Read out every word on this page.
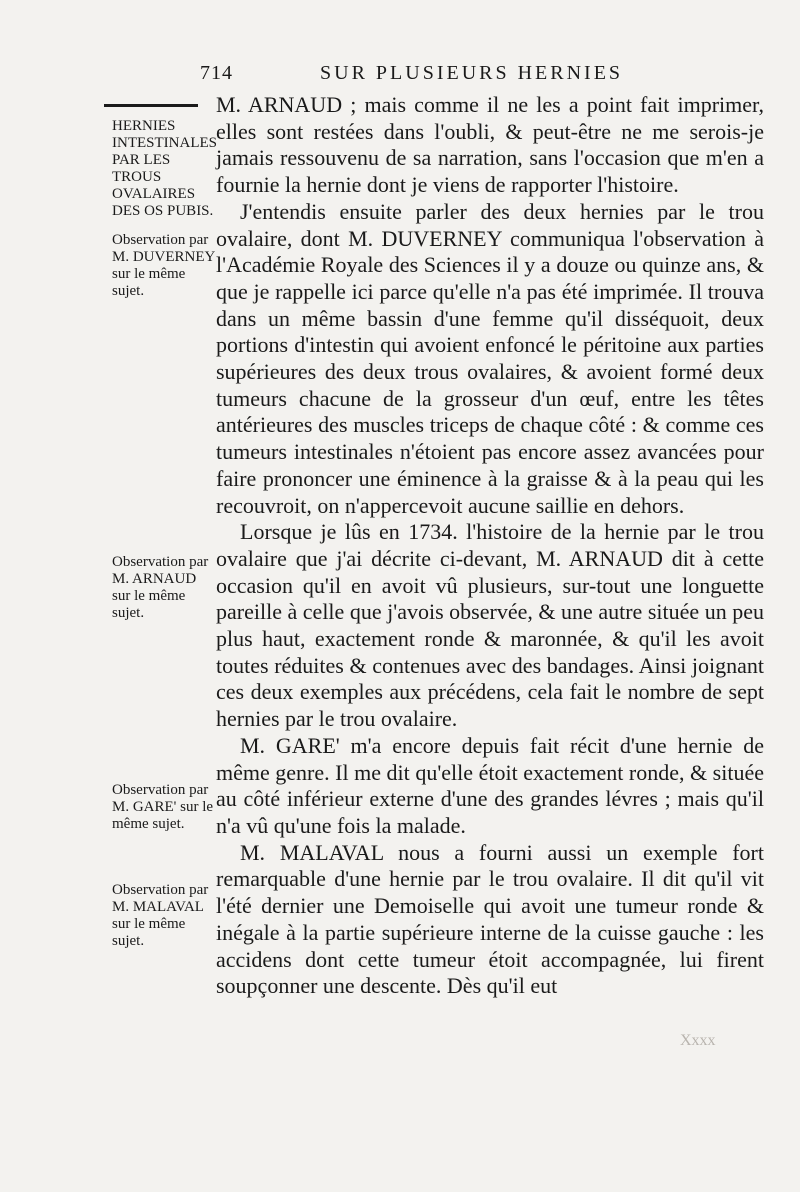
714	SUR PLUSIEURS HERNIES
HERNIES INTESTINALES PAR LES TROUS OVALAIRES DES OS PUBIS.
Observation par M. DUVERNEY sur le même sujet.
Observation par M. ARNAUD sur le même sujet.
Observation par M. GARE' sur le même sujet.
Observation par M. MALAVAL sur le même sujet.

M. ARNAUD ; mais comme il ne les a point fait imprimer, elles sont restées dans l'oubli, & peut-être ne me serois-je jamais ressouvenu de sa narration, sans l'occasion que m'en a fournie la hernie dont je viens de rapporter l'histoire.

J'entendis ensuite parler des deux hernies par le trou ovalaire, dont M. DUVERNEY communiqua l'observation à l'Académie Royale des Sciences il y a douze ou quinze ans, & que je rappelle ici parce qu'elle n'a pas été imprimée. Il trouva dans un même bassin d'une femme qu'il disséquoit, deux portions d'intestin qui avoient enfoncé le péritoine aux parties supérieures des deux trous ovalaires, & avoient formé deux tumeurs chacune de la grosseur d'un œuf, entre les têtes antérieures des muscles triceps de chaque côté : & comme ces tumeurs intestinales n'étoient pas encore assez avancées pour faire prononcer une éminence à la graisse & à la peau qui les recouvroit, on n'appercevoit aucune saillie en dehors.

Lorsque je lûs en 1734. l'histoire de la hernie par le trou ovalaire que j'ai décrite ci-devant, M. ARNAUD dit à cette occasion qu'il en avoit vû plusieurs, sur-tout une longuette pareille à celle que j'avois observée, & une autre située un peu plus haut, exactement ronde & maronnée, & qu'il les avoit toutes réduites & contenues avec des bandages. Ainsi joignant ces deux exemples aux précédens, cela fait le nombre de sept hernies par le trou ovalaire.

M. GARE' m'a encore depuis fait récit d'une hernie de même genre. Il me dit qu'elle étoit exactement ronde, & située au côté inférieur externe d'une des grandes lévres ; mais qu'il n'a vû qu'une fois la malade.

M. MALAVAL nous a fourni aussi un exemple fort remarquable d'une hernie par le trou ovalaire. Il dit qu'il vit l'été dernier une Demoiselle qui avoit une tumeur ronde & inégale à la partie supérieure interne de la cuisse gauche : les accidens dont cette tumeur étoit accompagnée, lui firent soupçonner une descente. Dès qu'il eut

Xxxx
